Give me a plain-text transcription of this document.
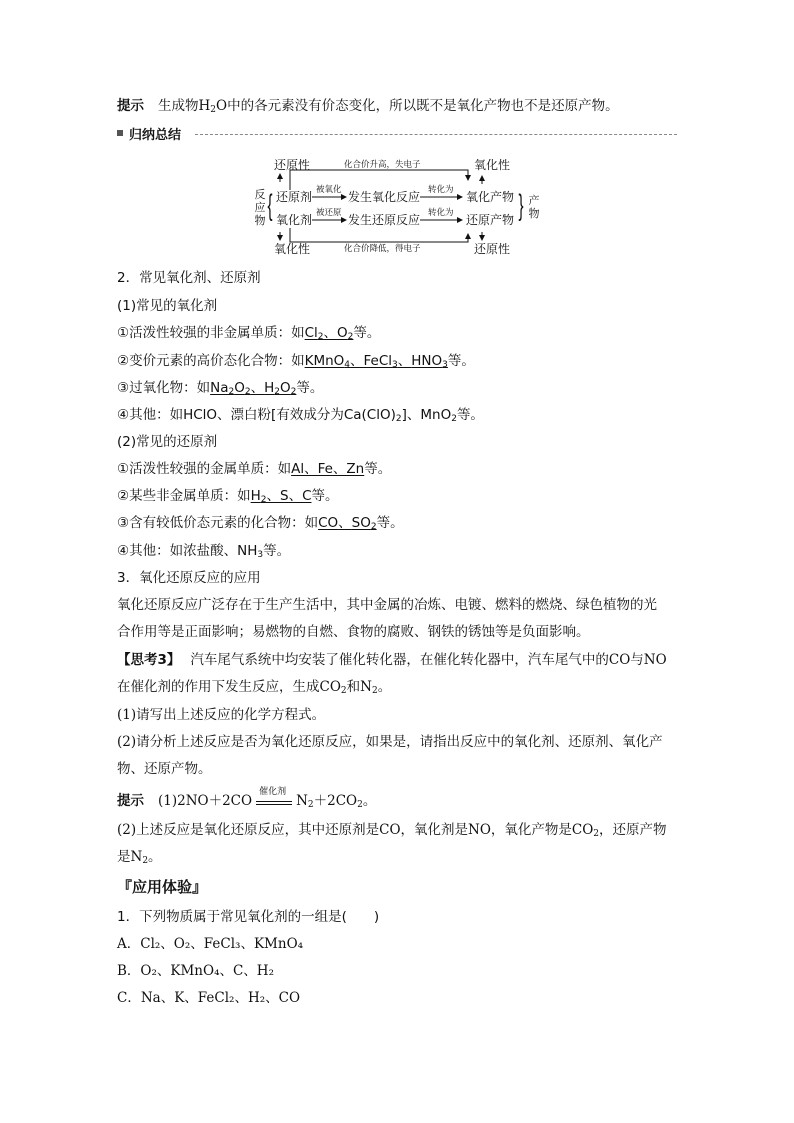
提示 生成物$H_2O$中的各元素没有价态变化，所以既不是氧化产物也不是还原产物。
归纳总结
还原性	化合价升高，失电子	氧化性
反
应
物 { 还原剂 被氧化 发生氧化反应 转化为 氧化产物
氧化剂 被还原 发生还原反应 转化为 还原产物 } 产
物
氧化性	化合价降低，得电子	还原性
2．常见氧化剂、还原剂
(1)常见的氧化剂
①活泼性较强的非金属单质：如$Cl_2$、$O_2$等。
②变价元素的高价态化合物：如KMnO$_4$、FeCl$_3$、$HNO_3$等。
③过氧化物：如$Na_2O_2$、$H_2O_2$等。
④其他：如HClO、漂白粉[有效成分为$Ca(ClO)_2$]、MnO$_2$等。
(2)常见的还原剂
①活泼性较强的金属单质：如Al、Fe、Zn等。
②某些非金属单质：如$H_2$、S、C等。
③含有较低价态元素的化合物：如CO、$SO_2$等。
④其他：如浓盐酸、$NH_3$等。
3．氧化还原反应的应用
氧化还原反应广泛存在于生产生活中，其中金属的冶炼、电镀、燃料的燃烧、绿色植物的光
合作用等是正面影响；易燃物的自燃、食物的腐败、钢铁的锈蚀等是负面影响。
【思考3】 汽车尾气系统中均安装了催化转化器，在催化转化器中，汽车尾气中的CO与NO
在催化剂的作用下发生反应，生成$CO_2$和$N_2$。
(1)请写出上述反应的化学方程式。
(2)请分析上述反应是否为氧化还原反应，如果是，请指出反应中的氧化剂、还原剂、氧化产
物、还原产物。
提示 (1)2NO＋2CO
催化剂
$N_2+2CO_2$。
(2)上述反应是氧化还原反应，其中还原剂是CO，氧化剂是NO，氧化产物是$CO_2$，还原产物
是$N_2$。
『应用体验』
1．下列物质属于常见氧化剂的一组是(　　)
A．Cl₂、O₂、FeCl₃、KMnO₄
B．O₂、KMnO₄、C、H₂
C．Na、K、FeCl₂、H₂、CO
